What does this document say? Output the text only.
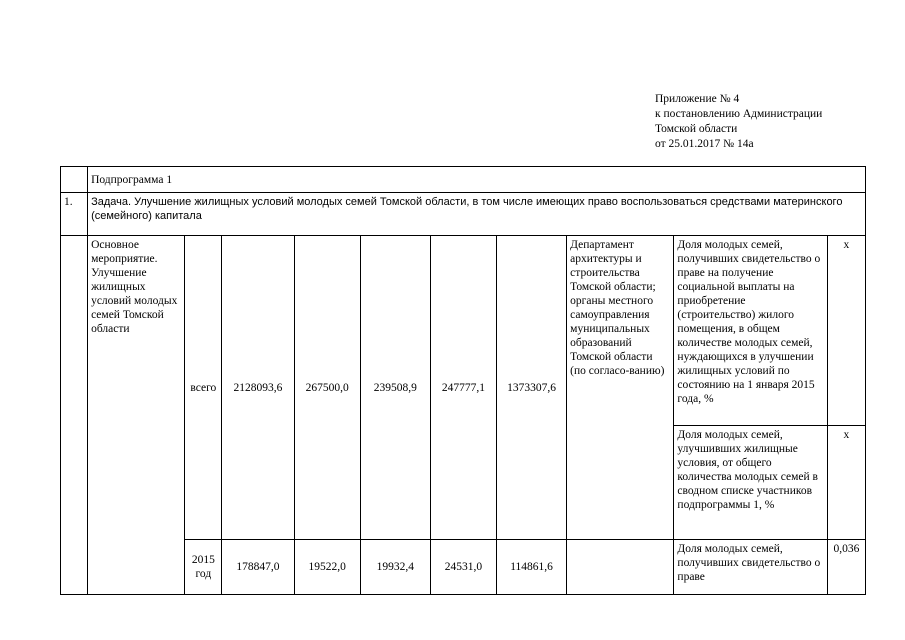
Приложение № 4
к постановлению Администрации
Томской области
от 25.01.2017 № 14а
	Подпрограмма 1									
1.	Задача. Улучшение жилищных условий молодых семей Томской области, в том числе имеющих право воспользоваться средствами материнского (семейного) капитала									
	Основное мероприятие. Улучшение жилищных условий молодых семей Томской области	всего	2128093,6	267500,0	239508,9	247777,1	1373307,6	Департамент архитектуры и строительства Томской области; органы местного самоуправления муниципальных образований Томской области (по согласо-ванию)	Доля молодых семей, получивших свидетельство о праве на получение социальной выплаты на приобретение (строительство) жилого помещения, в общем количестве молодых семей, нуждающихся в улучшении жилищных условий по состоянию на 1 января 2015 года, %	х
									Доля молодых семей, улучшивших жилищные условия, от общего количества молодых семей в сводном списке участников подпрограммы 1, %	х
		2015 год	178847,0	19522,0	19932,4	24531,0	114861,6		Доля молодых семей, получивших свидетельство о праве	0,036
